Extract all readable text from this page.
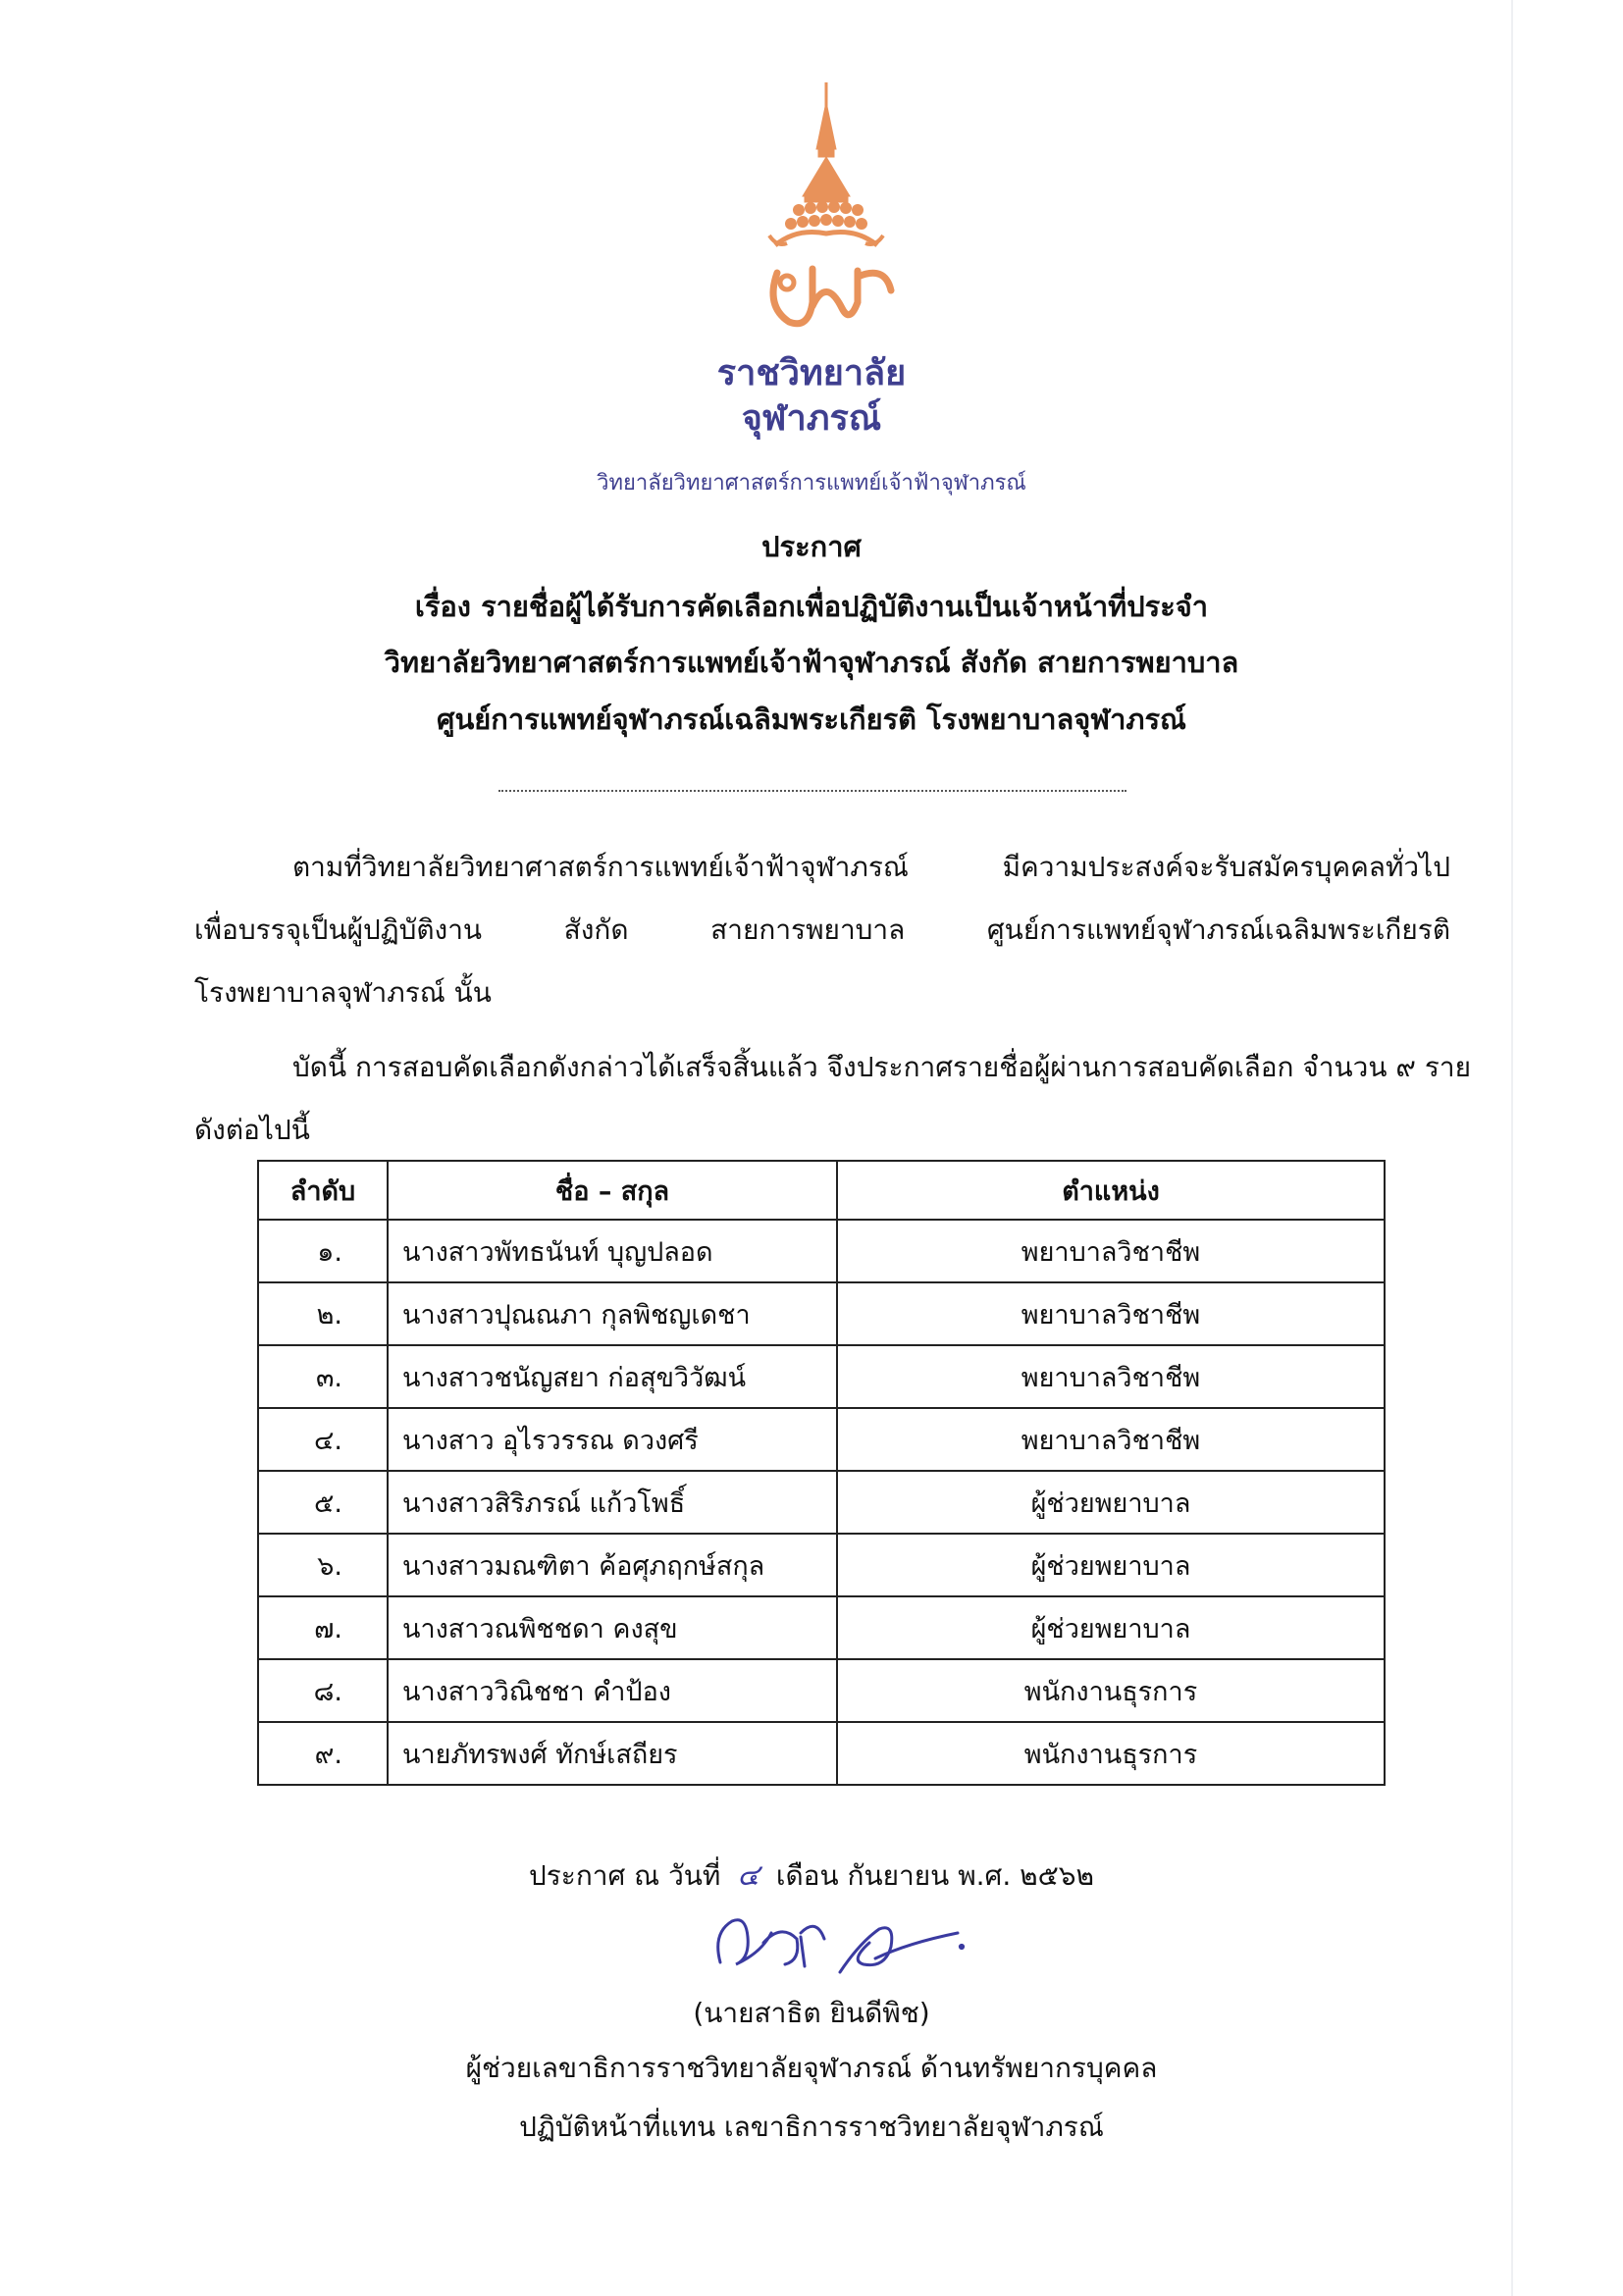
ราชวิทยาลัย
จุฬาภรณ์
วิทยาลัยวิทยาศาสตร์การแพทย์เจ้าฟ้าจุฬาภรณ์
ประกาศ
เรื่อง รายชื่อผู้ได้รับการคัดเลือกเพื่อปฏิบัติงานเป็นเจ้าหน้าที่ประจำ
วิทยาลัยวิทยาศาสตร์การแพทย์เจ้าฟ้าจุฬาภรณ์ สังกัด สายการพยาบาล
ศูนย์การแพทย์จุฬาภรณ์เฉลิมพระเกียรติ โรงพยาบาลจุฬาภรณ์
ตามที่วิทยาลัยวิทยาศาสตร์การแพทย์เจ้าฟ้าจุฬาภรณ์ มีความประสงค์จะรับสมัครบุคคลทั่วไป
เพื่อบรรจุเป็นผู้ปฏิบัติงาน สังกัด สายการพยาบาล ศูนย์การแพทย์จุฬาภรณ์เฉลิมพระเกียรติ
โรงพยาบาลจุฬาภรณ์ นั้น
บัดนี้ การสอบคัดเลือกดังกล่าวได้เสร็จสิ้นแล้ว จึงประกาศรายชื่อผู้ผ่านการสอบคัดเลือก จำนวน ๙ ราย
ดังต่อไปนี้
ลำดับ	ชื่อ – สกุล	ตำแหน่ง
๑.	นางสาวพัทธนันท์ บุญปลอด	พยาบาลวิชาชีพ
๒.	นางสาวปุณณภา กุลพิชญเดชา	พยาบาลวิชาชีพ
๓.	นางสาวชนัญสยา ก่อสุขวิวัฒน์	พยาบาลวิชาชีพ
๔.	นางสาว อุไรวรรณ ดวงศรี	พยาบาลวิชาชีพ
๕.	นางสาวสิริภรณ์ แก้วโพธิ์	ผู้ช่วยพยาบาล
๖.	นางสาวมณฑิตา ค้อศุภฤกษ์สกุล	ผู้ช่วยพยาบาล
๗.	นางสาวณพิชชดา คงสุข	ผู้ช่วยพยาบาล
๘.	นางสาววิณิชชา คำป้อง	พนักงานธุรการ
๙.	นายภัทรพงศ์ ทักษ์เสถียร	พนักงานธุรการ
ประกาศ ณ วันที่ ๔ เดือน กันยายน พ.ศ. ๒๕๖๒
(นายสาธิต ยินดีพิช)
ผู้ช่วยเลขาธิการราชวิทยาลัยจุฬาภรณ์ ด้านทรัพยากรบุคคล
ปฏิบัติหน้าที่แทน เลขาธิการราชวิทยาลัยจุฬาภรณ์
